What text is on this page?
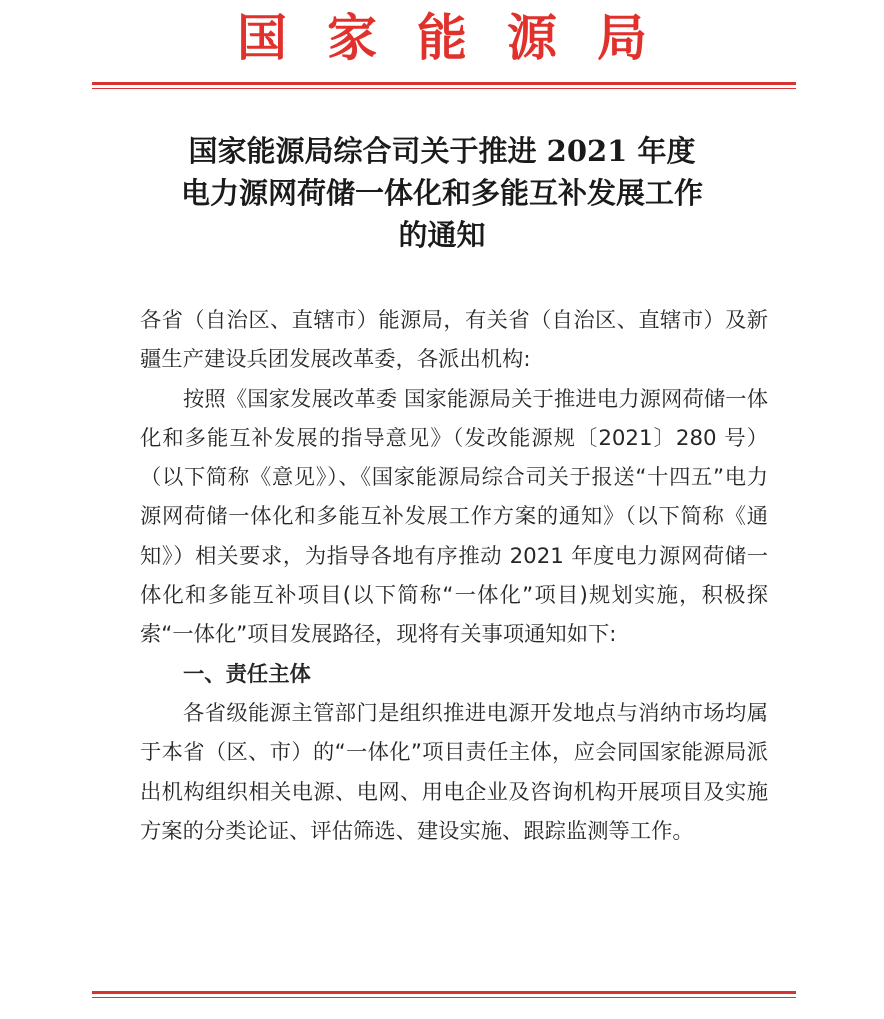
国家能源局
国家能源局综合司关于推进 2021 年度
电力源网荷储一体化和多能互补发展工作
的通知

各省（自治区、直辖市）能源局，有关省（自治区、直辖市）及新疆生产建设兵团发展改革委，各派出机构:

按照《国家发展改革委 国家能源局关于推进电力源网荷储一体化和多能互补发展的指导意见》（发改能源规〔2021〕280 号）（以下简称《意见》）、《国家能源局综合司关于报送“十四五”电力源网荷储一体化和多能互补发展工作方案的通知》（以下简称《通知》）相关要求，为指导各地有序推动 2021 年度电力源网荷储一体化和多能互补项目(以下简称“一体化”项目)规划实施，积极探索“一体化”项目发展路径，现将有关事项通知如下:

一、责任主体

各省级能源主管部门是组织推进电源开发地点与消纳市场均属于本省（区、市）的“一体化”项目责任主体，应会同国家能源局派出机构组织相关电源、电网、用电企业及咨询机构开展项目及实施方案的分类论证、评估筛选、建设实施、跟踪监测等工作。
